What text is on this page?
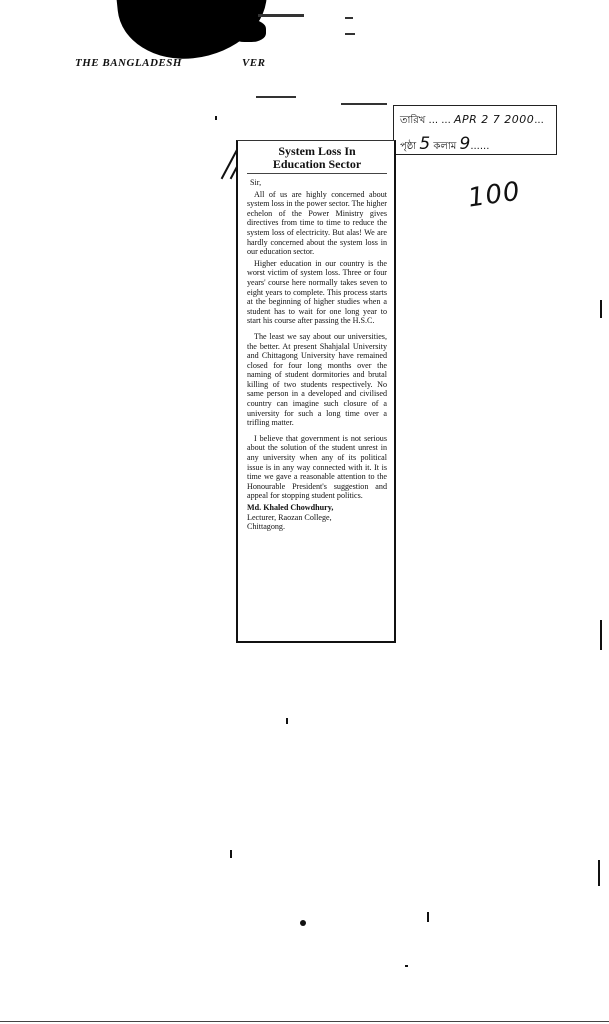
THE BANGLADESH	VER
তারিখ ... ... APR 2 7 2000...
পৃষ্ঠা 5 কলাম 9......
100
System Loss In
Education Sector

Sir,

All of us are highly concerned about system loss in the power sector. The higher echelon of the Power Ministry gives directives from time to time to reduce the system loss of electricity. But alas! We are hardly concerned about the system loss in our education sector.

Higher education in our country is the worst victim of system loss. Three or four years' course here normally takes seven to eight years to complete. This process starts at the beginning of higher studies when a student has to wait for one long year to start his course after passing the H.S.C.

The least we say about our universities, the better. At present Shahjalal University and Chittagong University have remained closed for four long months over the naming of student dormitories and brutal killing of two students respectively. No same person in a developed and civilised country can imagine such closure of a university for such a long time over a trifling matter.

I believe that government is not serious about the solution of the student unrest in any university when any of its political issue is in any way connected with it. It is time we gave a reasonable attention to the Honourable President's suggestion and appeal for stopping student politics.

Md. Khaled Chowdhury,
Lecturer, Raozan College,
Chittagong.
